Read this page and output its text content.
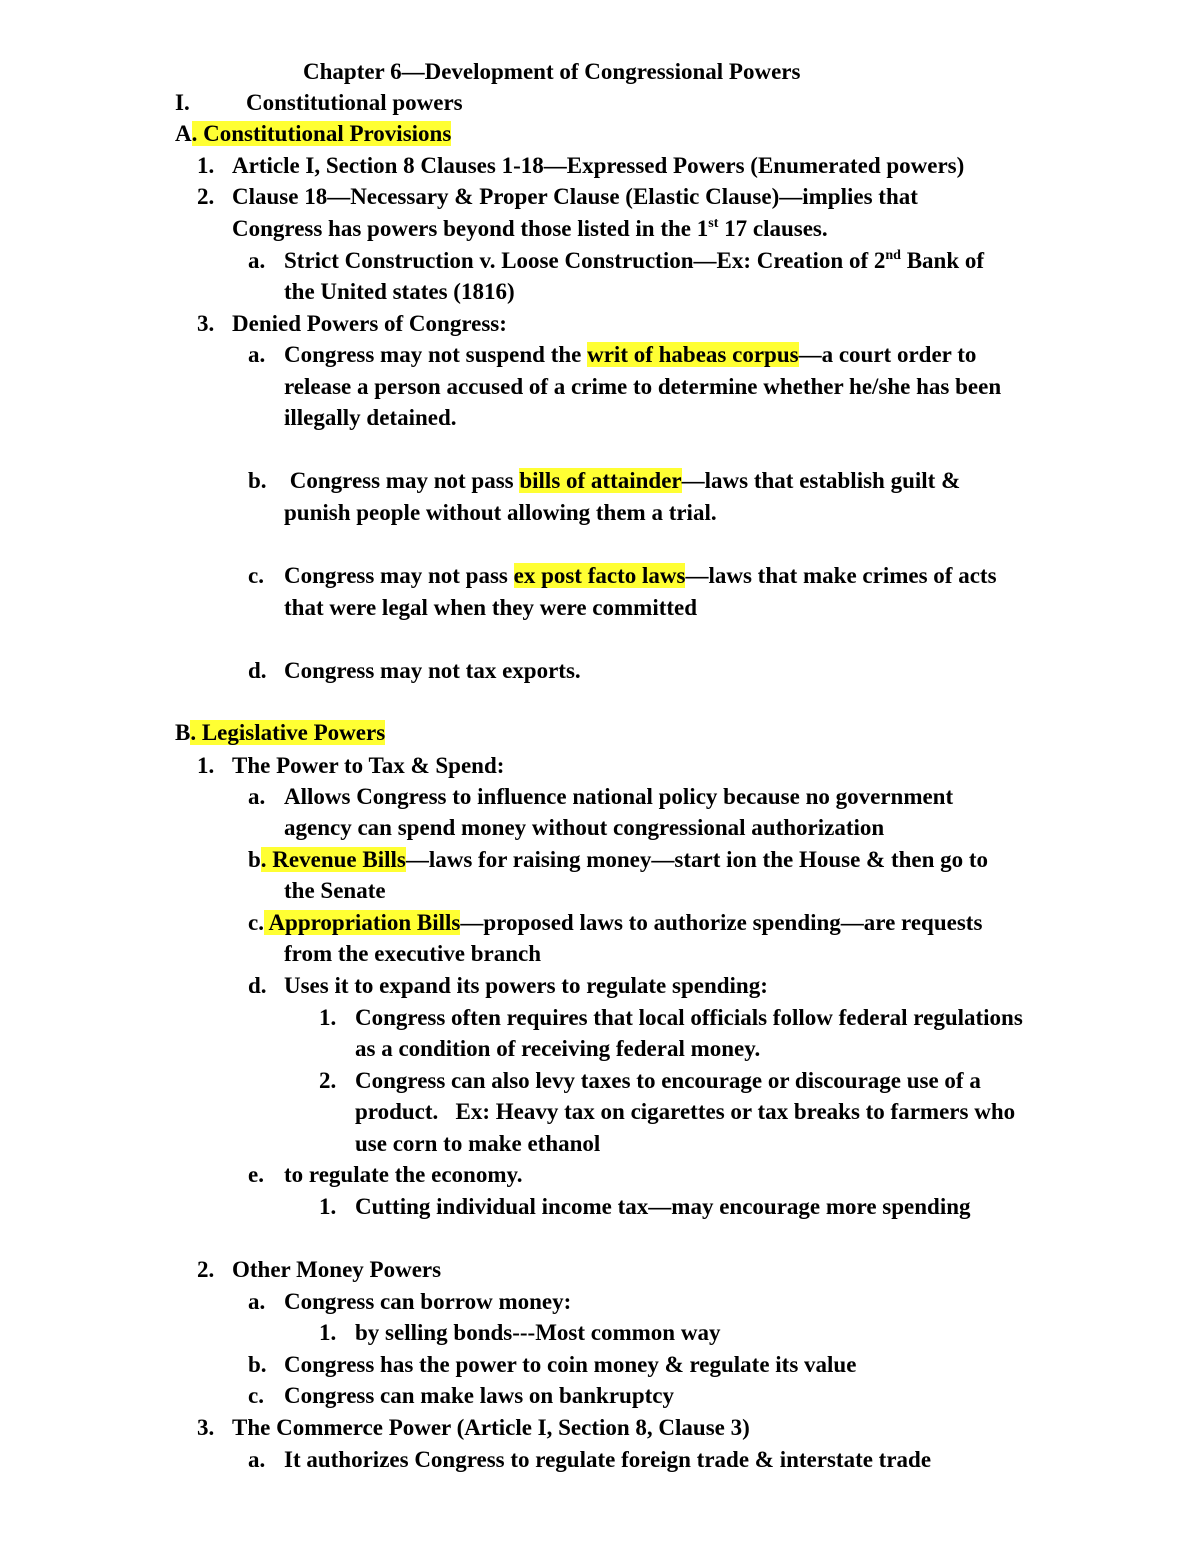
Chapter 6—Development of Congressional Powers
I. Constitutional powers
A. Constitutional Provisions
1. Article I, Section 8 Clauses 1-18—Expressed Powers (Enumerated powers)
2. Clause 18—Necessary & Proper Clause (Elastic Clause)—implies that
Congress has powers beyond those listed in the 1st 17 clauses.
a. Strict Construction v. Loose Construction—Ex: Creation of 2nd Bank of
the United states (1816)
3. Denied Powers of Congress:
a. Congress may not suspend the writ of habeas corpus—a court order to
release a person accused of a crime to determine whether he/she has been
illegally detained.
b. Congress may not pass bills of attainder—laws that establish guilt &
punish people without allowing them a trial.
c. Congress may not pass ex post facto laws—laws that make crimes of acts
that were legal when they were committed
d. Congress may not tax exports.
B. Legislative Powers
1. The Power to Tax & Spend:
a. Allows Congress to influence national policy because no government
agency can spend money without congressional authorization
b. Revenue Bills—laws for raising money—start ion the House & then go to
the Senate
c. Appropriation Bills—proposed laws to authorize spending—are requests
from the executive branch
d. Uses it to expand its powers to regulate spending:
1. Congress often requires that local officials follow federal regulations
as a condition of receiving federal money.
2. Congress can also levy taxes to encourage or discourage use of a
product.   Ex: Heavy tax on cigarettes or tax breaks to farmers who
use corn to make ethanol
e. to regulate the economy.
1. Cutting individual income tax—may encourage more spending
2. Other Money Powers
a. Congress can borrow money:
1. by selling bonds---Most common way
b. Congress has the power to coin money & regulate its value
c. Congress can make laws on bankruptcy
3. The Commerce Power (Article I, Section 8, Clause 3)
a. It authorizes Congress to regulate foreign trade & interstate trade
